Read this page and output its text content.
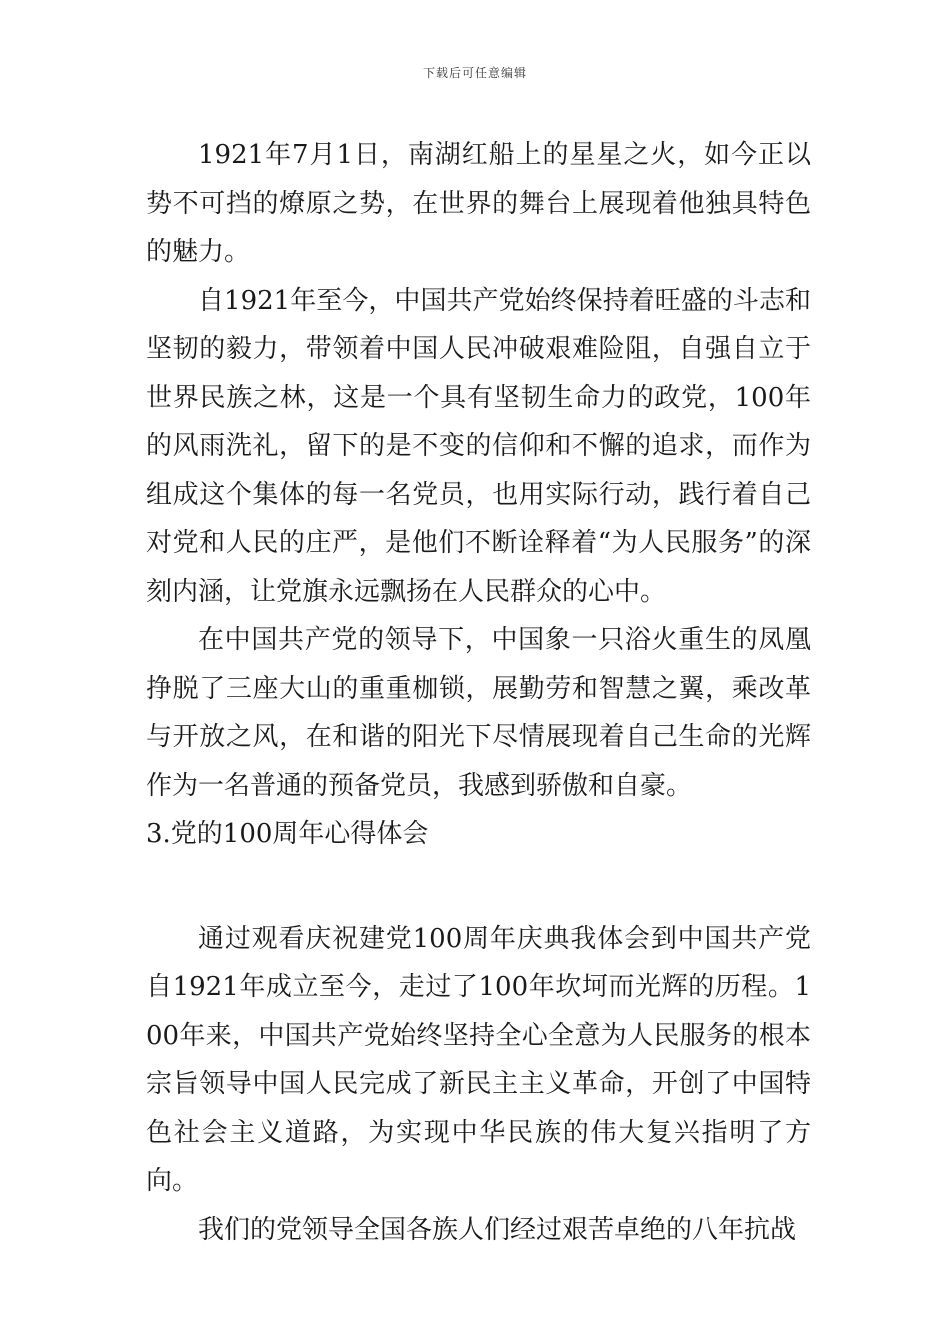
下载后可任意编辑

1921年7月1日，南湖红船上的星星之火，如今正以势不可挡的燎原之势，在世界的舞台上展现着他独具特色的魅力。

自1921年至今，中国共产党始终保持着旺盛的斗志和坚韧的毅力，带领着中国人民冲破艰难险阻，自强自立于世界民族之林，这是一个具有坚韧生命力的政党，100年的风雨洗礼，留下的是不变的信仰和不懈的追求，而作为组成这个集体的每一名党员，也用实际行动，践行着自己对党和人民的庄严，是他们不断诠释着“为人民服务”的深刻内涵，让党旗永远飘扬在人民群众的心中。

在中国共产党的领导下，中国象一只浴火重生的凤凰挣脱了三座大山的重重枷锁，展勤劳和智慧之翼，乘改革与开放之风，在和谐的阳光下尽情展现着自己生命的光辉作为一名普通的预备党员，我感到骄傲和自豪。

3.党的100周年心得体会

通过观看庆祝建党100周年庆典我体会到中国共产党自1921年成立至今，走过了100年坎坷而光辉的历程。100年来，中国共产党始终坚持全心全意为人民服务的根本宗旨领导中国人民完成了新民主主义革命，开创了中国特色社会主义道路，为实现中华民族的伟大复兴指明了方向。

我们的党领导全国各族人们经过艰苦卓绝的八年抗战
